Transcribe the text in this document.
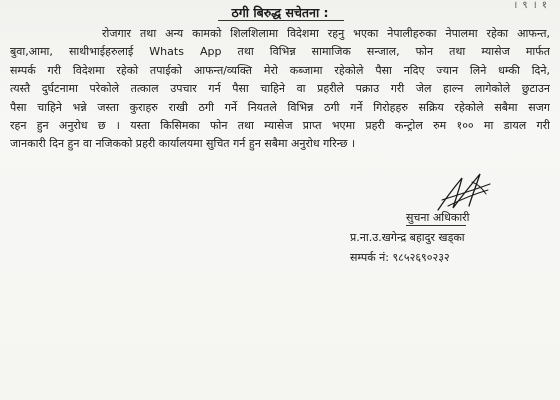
। ९ । १
ठगी बिरुद्ध सचेतना :
रोजगार तथा अन्य कामको शिलशिलामा विदेशमा रहनु भएका नेपालीहरुका नेपालमा रहेका आफन्त,
बुवा,आमा, साथीभाईहरुलाई Whats App तथा विभिन्न सामाजिक सन्जाल, फोन तथा म्यासेज मार्फत
सम्पर्क गरी विदेशमा रहेको तपाईको आफन्त/व्यक्ति मेरो कब्जामा रहेकोले पैसा नदिए ज्यान लिने धम्की दिने,
त्यस्तै दुर्घटनामा परेकोले तत्काल उपचार गर्न पैसा चाहिने वा प्रहरीले पक्राउ गरी जेल हाल्न लागेकोले छुटाउन
पैसा चाहिने भन्ने जस्ता कुराहरु राखी ठगी गर्ने नियतले विभिन्न ठगी गर्ने गिरोहहरु सक्रिय रहेकोले सबैमा सजग
रहन हुन अनुरोध छ । यस्ता किसिमका फोन तथा म्यासेज प्राप्त भएमा प्रहरी कन्ट्रोल रुम १०० मा डायल गरी
जानकारी दिन हुन वा नजिकको प्रहरी कार्यालयमा सुचित गर्न हुन सबैमा अनुरोध गरिन्छ ।
सुचना अधिकारी
प्र.ना.उ.खगेन्द्र बहादुर खड्का
सम्पर्क नं: ९८५२६९०२३२
